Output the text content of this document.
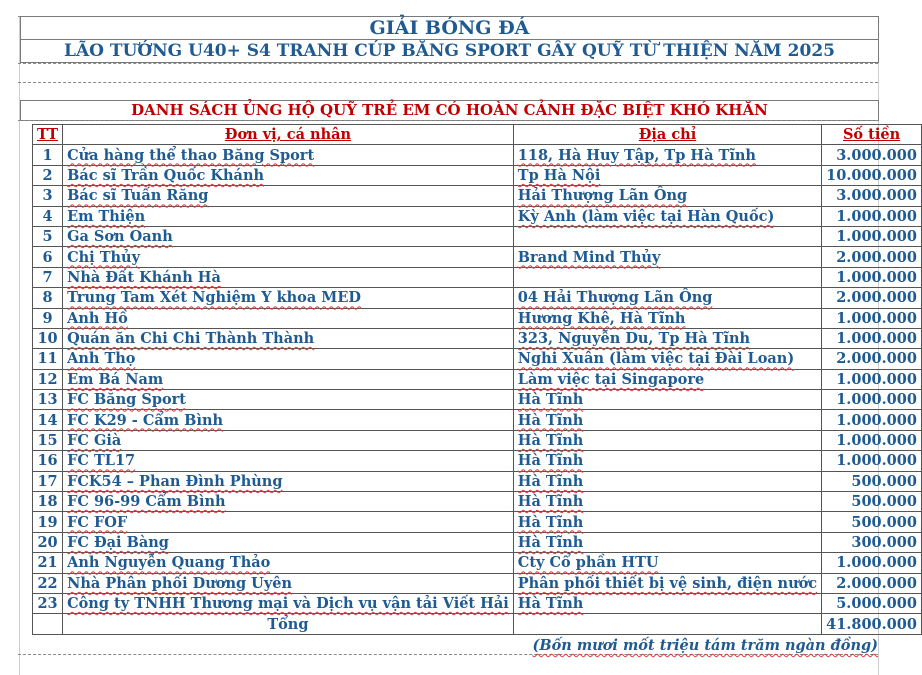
GIẢI BÓNG ĐÁ
LÃO TƯỚNG U40+ S4 TRANH CÚP BĂNG SPORT GÂY QUỸ TỪ THIỆN NĂM 2025
DANH SÁCH ỦNG HỘ QUỸ TRẺ EM CÓ HOÀN CẢNH ĐẶC BIỆT KHÓ KHĂN
TT	Đơn vị, cá nhân	Địa chỉ	Số tiền
1	Cửa hàng thể thao Băng Sport	118, Hà Huy Tập, Tp Hà Tĩnh	3.000.000
2	Bác sĩ Trần Quốc Khánh	Tp Hà Nội	10.000.000
3	Bác sĩ Tuấn Răng	Hải Thượng Lãn Ông	3.000.000
4	Em Thiện	Kỳ Anh (làm việc tại Hàn Quốc)	1.000.000
5	Ga Sơn Oanh		1.000.000
6	Chị Thủy	Brand Mind Thủy	2.000.000
7	Nhà Đất Khánh Hà		1.000.000
8	Trung Tam Xét Nghiệm Y khoa MED	04 Hải Thượng Lãn Ông	2.000.000
9	Anh Hồ	Hương Khê, Hà Tĩnh	1.000.000
10	Quán ăn Chi Chi Thành Thành	323, Nguyễn Du, Tp Hà Tĩnh	1.000.000
11	Anh Thọ	Nghi Xuân (làm việc tại Đài Loan)	2.000.000
12	Em Bá Nam	Làm việc tại Singapore	1.000.000
13	FC Băng Sport	Hà Tĩnh	1.000.000
14	FC K29 - Cẩm Bình	Hà Tĩnh	1.000.000
15	FC Già	Hà Tĩnh	1.000.000
16	FC TL17	Hà Tĩnh	1.000.000
17	FCK54 – Phan Đình Phùng	Hà Tĩnh	500.000
18	FC 96-99 Cẩm Bình	Hà Tĩnh	500.000
19	FC FOF	Hà Tĩnh	500.000
20	FC Đại Bàng	Hà Tĩnh	300.000
21	Anh Nguyễn Quang Thảo	Cty Cổ phần HTU	1.000.000
22	Nhà Phân phối Dương Uyên	Phân phối thiết bị vệ sinh, điện nước	2.000.000
23	Công ty TNHH Thương mại và Dịch vụ vận tải Viết Hải	Hà Tĩnh	5.000.000
	Tổng		41.800.000
(Bốn mươi mốt triệu tám trăm ngàn đồng)
